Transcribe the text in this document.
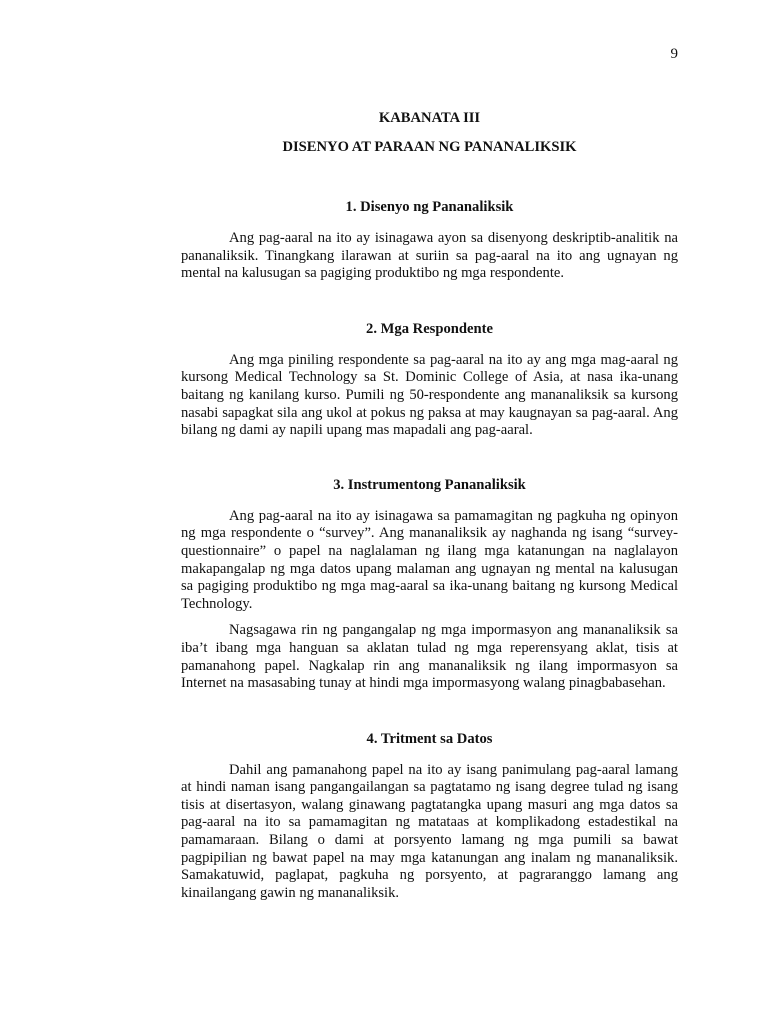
9
KABANATA III
DISENYO AT PARAAN NG PANANALIKSIK
1. Disenyo ng Pananaliksik

Ang pag-aaral na ito ay isinagawa ayon sa disenyong deskriptib-analitik na pananaliksik. Tinangkang ilarawan at suriin sa pag-aaral na ito ang ugnayan ng mental na kalusugan sa pagiging produktibo ng mga respondente.

2. Mga Respondente

Ang mga piniling respondente sa pag-aaral na ito ay ang mga mag-aaral ng kursong Medical Technology sa St. Dominic College of Asia, at nasa ika-unang baitang ng kanilang kurso. Pumili ng 50-respondente ang mananaliksik sa kursong nasabi sapagkat sila ang ukol at pokus ng paksa at may kaugnayan sa pag-aaral. Ang bilang ng dami ay napili upang mas mapadali ang pag-aaral.

3. Instrumentong Pananaliksik

Ang pag-aaral na ito ay isinagawa sa pamamagitan ng pagkuha ng opinyon ng mga respondente o “survey”. Ang mananaliksik ay naghanda ng isang “survey-questionnaire” o papel na naglalaman ng ilang mga katanungan na naglalayon makapangalap ng mga datos upang malaman ang ugnayan ng mental na kalusugan sa pagiging produktibo ng mga mag-aaral sa ika-unang baitang ng kursong Medical Technology.

Nagsagawa rin ng pangangalap ng mga impormasyon ang mananaliksik sa iba’t ibang mga hanguan sa aklatan tulad ng mga reperensyang aklat, tisis at pamanahong papel. Nagkalap rin ang mananaliksik ng ilang impormasyon sa Internet na masasabing tunay at hindi mga impormasyong walang pinagbabasehan.

4. Tritment sa Datos

Dahil ang pamanahong papel na ito ay isang panimulang pag-aaral lamang at hindi naman isang pangangailangan sa pagtatamo ng isang degree tulad ng isang tisis at disertasyon, walang ginawang pagtatangka upang masuri ang mga datos sa pag-aaral na ito sa pamamagitan ng matataas at komplikadong estadestikal na pamamaraan. Bilang o dami at porsyento lamang ng mga pumili sa bawat pagpipilian ng bawat papel na may mga katanungan ang inalam ng mananaliksik. Samakatuwid, paglapat, pagkuha ng porsyento, at pagraranggo lamang ang kinailangang gawin ng mananaliksik.
